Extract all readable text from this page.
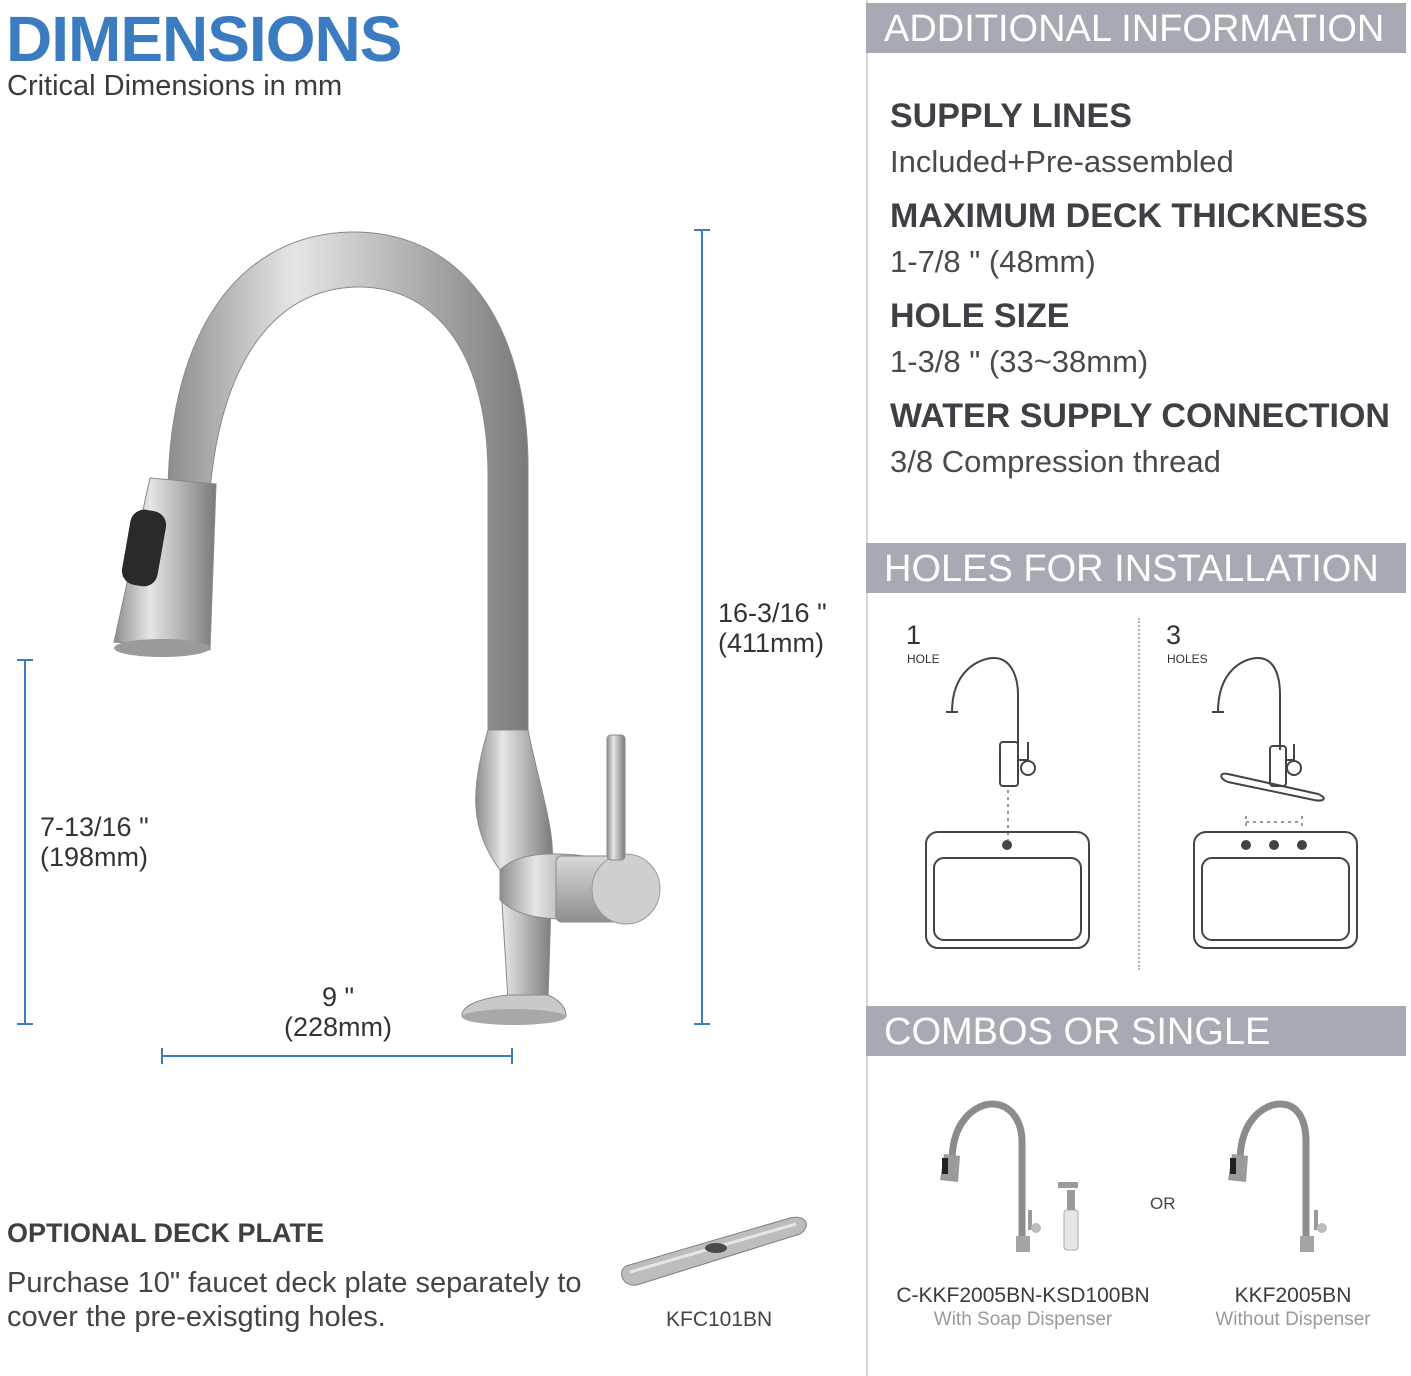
DIMENSIONS
Critical Dimensions in mm
16-3/16 "
(411mm)
7-13/16 "
(198mm)
9 "
(228mm)
OPTIONAL DECK PLATE
Purchase 10" faucet deck plate separately to cover the pre-exisgting holes.	KFC101BN
ADDITIONAL INFORMATION
SUPPLY LINES
Included+Pre-assembled
MAXIMUM DECK THICKNESS
1-7/8 " (48mm)
HOLE SIZE
1-3/8 " (33~38mm)
WATER SUPPLY CONNECTION
3/8 Compression thread
HOLES FOR INSTALLATION
1
HOLE
3
HOLES
COMBOS OR SINGLE
OR
C-KKF2005BN-KSD100BN
With Soap Dispenser
KKF2005BN
Without Dispenser
